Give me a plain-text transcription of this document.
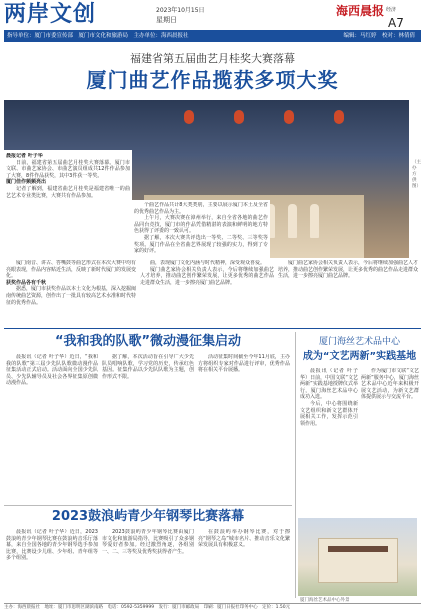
两岸文创	2023年10月15日
星期日
海西晨报 经济
A7
指导单位：厦门市委宣传部　厦门市文化和旅游局　主办单位：海西晨报社	编辑：马红婷　校对：林倩倩
福建省第五届曲艺月桂奖大赛落幕
厦门曲艺作品揽获多项大奖

（主办方供图）

晨报记者 叶子华

日前，福建省第五届曲艺月桂奖大赛落幕。厦门市文联、市曲艺家协会、市曲艺演员组成共12件作品参加了大赛，8件作品获奖，其中3件获一等奖。

厦门佳作频频亮出

记者了解到，福建省曲艺月桂奖是福建省唯一的曲艺艺术专业类比赛，大赛共有作品参加。

个曲艺作品共计8大类类别，主要以展示厦门本土及全省的优秀曲艺作品为主。

上午月，大赛决赛在漳州举行，来自全省各地的曲艺作品同台竞技，厦门市的作品凭借精湛的表演和鲜明的地方特色获得了评委的一致认可。

据了解，本次大赛共评选出一等奖、二等奖、三等奖等奖项。厦门作品在全省曲艺界展现了较强的实力，得到了专家的好评。

厦门南音、讲古、答嘴鼓等曲艺形式在本次大赛中均有亮眼表现，作品内容贴近生活，反映了新时代厦门的发展变化。

获奖作品各有千秋

据悉，厦门市获奖作品以本土文化为根基，深入挖掘闽南传统曲艺资源，创作出了一批具有较高艺术水准和时代特征的优秀作品。

曲，表现厦门文化内涵与时代精神，深受观众喜爱。

厦门曲艺家协会相关负责人表示，今后将继续加强曲艺人才培养，推动曲艺创作繁荣发展，让更多优秀的曲艺作品走进群众生活，进一步擦亮厦门曲艺品牌。

厦门曲艺家协会相关负责人表示，今后将继续加强曲艺人才培养，推动曲艺创作繁荣发展，让更多优秀的曲艺作品走进群众生活，进一步擦亮厦门曲艺品牌。

“我和我的队歌”微动漫征集启动

晨报讯（记者 叶子华）近日，“我和我的队歌”第三届少先队队歌微动漫作品征集活动正式启动。活动面向全国少先队员、少先队辅导员及社会各界征集原创微动漫作品。

据了解，本次活动旨在引导广大少先队员唱响队歌，学习党的历史，传承红色基因。征集作品以少先队队歌为主题，创作形式不限。

活动征集时间截至今年11月底，主办方将组织专家对作品进行评审，优秀作品将在相关平台展播。

2023鼓浪屿青少年钢琴比赛落幕

晨报讯（记者 叶子华）近日，2023鼓浪屿青少年钢琴比赛在鼓浪屿音乐厅落幕，来自全国各地的青少年钢琴选手参加比赛，比赛设少儿组、少年组、青年组等多个组别。

2023鼓浪屿青少年钢琴比赛由厦门市文化和旅游局指导，比赛吸引了众多钢琴爱好者参加。经过激烈角逐，各组别一、二、三等奖及优秀奖获得者产生。

在鼓浪屿举办钢琴比赛，对于擦亮“钢琴之岛”城市名片、推动音乐文化繁荣发展具有积极意义。

厦门海丝艺术品中心
成为“文艺两新”实践基地

晨报讯（记者 叶子华）日前，中国文联“文艺两新”实践基地授牌仪式举行，厦门海丝艺术品中心成功入选。

今后，中心将围绕新文艺组织和新文艺群体开展相关工作，发挥示范引领作用。

作为厦门市文联“文艺两新”服务中心，厦门海丝艺术品中心近年来积极开展文艺活动，为新文艺群体提供展示与交流平台。

厦门海丝艺术品中心外景
主办：海西晨报社　地址：厦门市思明区湖滨南路　电话：0592-5359999　发行：厦门市邮政局　印刷：厦门日报社印务中心　定价：1.50元
